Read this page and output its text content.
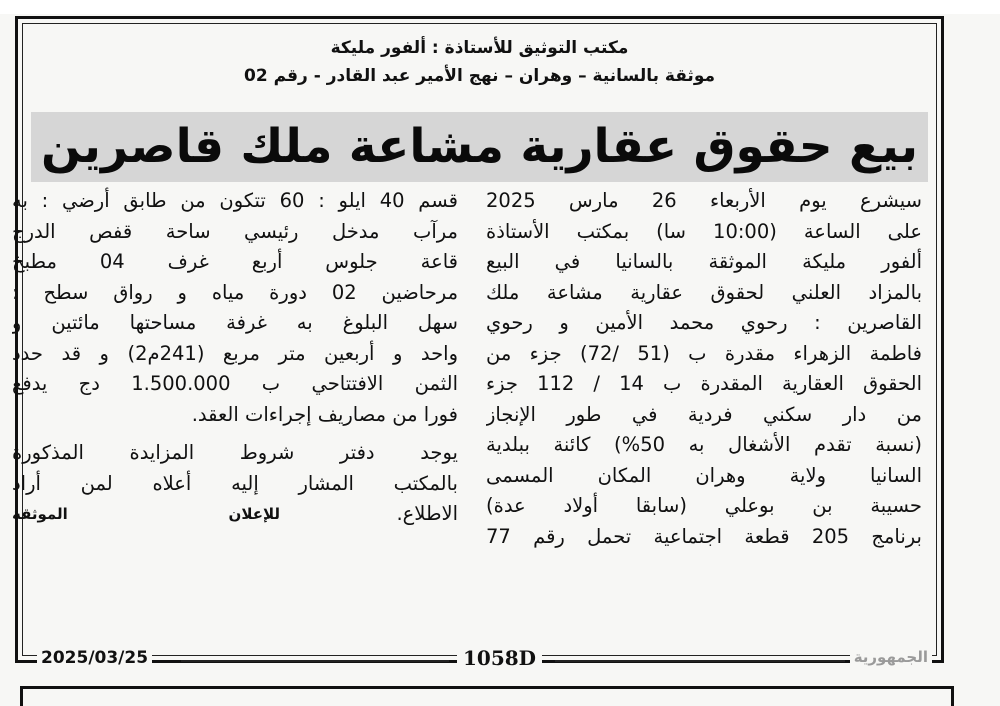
مكتب التوثيق للأستاذة : ألفور مليكة
موثقة بالسانية – وهران – نهج الأمير عبد القادر - رقم 02
بيع حقوق عقارية مشاعة ملك قاصرين
سيشرع يوم الأربعاء 26 مارس 2025
على الساعة (10:00 سا) بمكتب الأستاذة
ألفور مليكة الموثقة بالسانيا في البيع
بالمزاد العلني لحقوق عقارية مشاعة ملك
القاصرين : رحوي محمد الأمين و رحوي
فاطمة الزهراء مقدرة ب (51 /72) جزء من
الحقوق العقارية المقدرة ب 14 / 112 جزء
من دار سكني فردية في طور الإنجاز
(نسبة تقدم الأشغال به 50%) كائنة ببلدية
السانيا ولاية وهران المكان المسمى
حسيبة بن بوعلي (سابقا أولاد عدة)
برنامج 205 قطعة اجتماعية تحمل رقم 77
قسم 40 ايلو : 60 تتكون من طابق أرضي : به
مرآب مدخل رئيسي ساحة قفص الدرج
قاعة جلوس أربع غرف 04 مطبخ
مرحاضين 02 دورة مياه و رواق سطح :
سهل البلوغ به غرفة مساحتها مائتين و
واحد و أربعين متر مربع (241م2) و قد حدد
الثمن الافتتاحي ب 1.500.000 دج يدفع
فورا من مصاريف إجراءات العقد.
يوجد دفتر شروط المزايدة المذكورة
بالمكتب المشار إليه أعلاه لمن أراد
الاطلاع.
للإعلان
الموثقة
2025/03/25	1058D	الجمهورية
